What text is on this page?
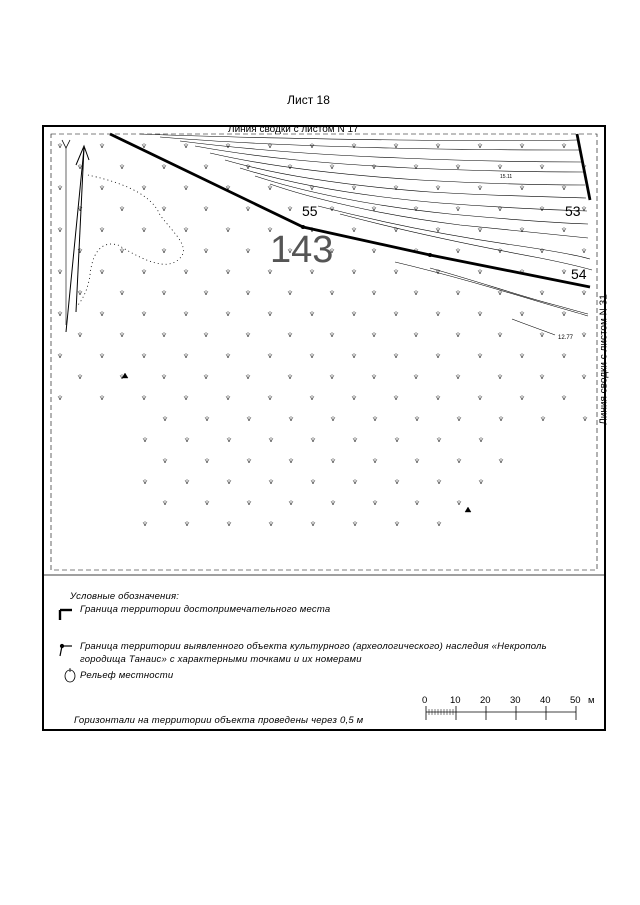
Лист 18
Линия сводки с листом N 17
Линия сводки с листом N 31
143
55	53
54
12.77
15.11
Условные обозначения:
Граница территории достопримечательного места
Граница территории выявленного объекта культурного (археологического) наследия «Некрополь
городища Танаис» с характерными точками и их номерами
Рельеф местности
Горизонтали на территории объекта проведены через 0,5 м
0 10 20 30 40 50 м
